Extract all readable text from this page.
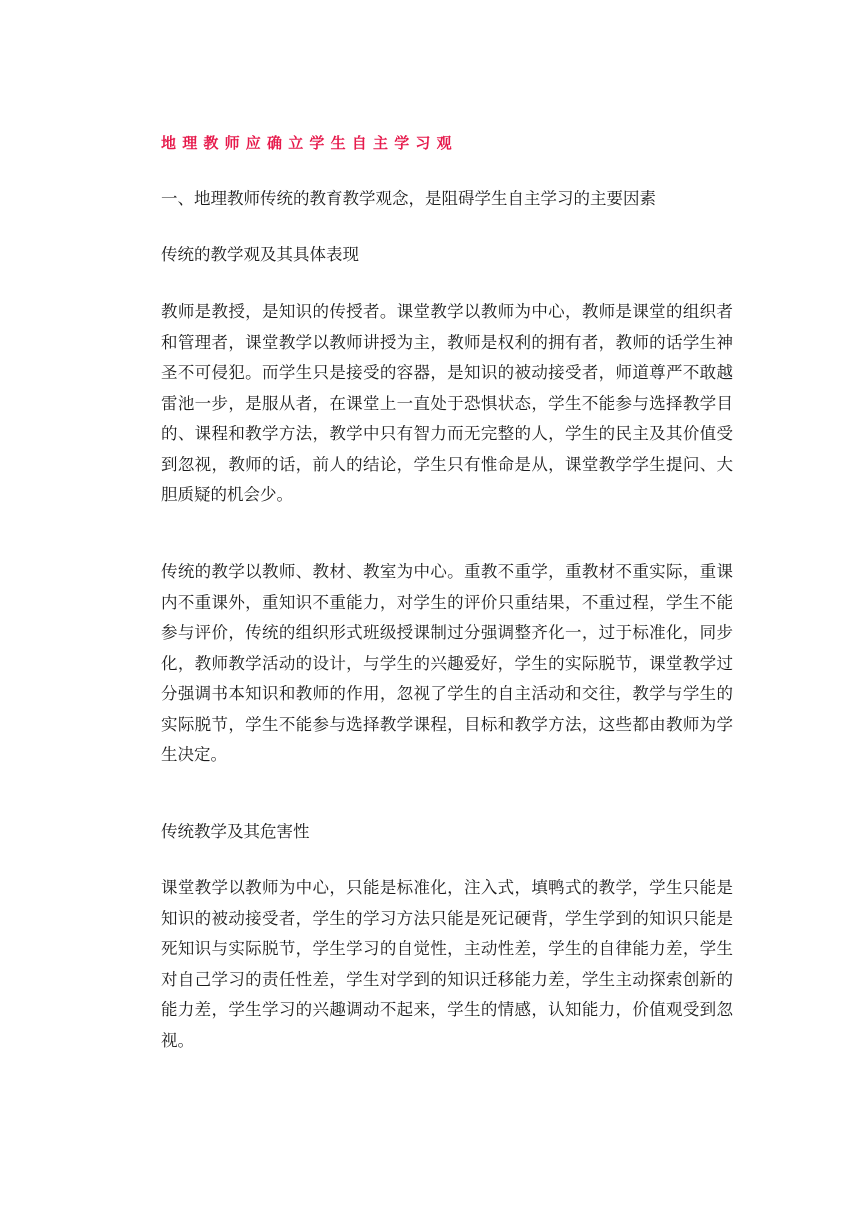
地理教师应确立学生自主学习观

一、地理教师传统的教育教学观念，是阻碍学生自主学习的主要因素

传统的教学观及其具体表现

教师是教授，是知识的传授者。课堂教学以教师为中心，教师是课堂的组织者和管理者，课堂教学以教师讲授为主，教师是权利的拥有者，教师的话学生神圣不可侵犯。而学生只是接受的容器，是知识的被动接受者，师道尊严不敢越雷池一步，是服从者，在课堂上一直处于恐惧状态，学生不能参与选择教学目的、课程和教学方法，教学中只有智力而无完整的人，学生的民主及其价值受到忽视，教师的话，前人的结论，学生只有惟命是从，课堂教学学生提问、大胆质疑的机会少。

传统的教学以教师、教材、教室为中心。重教不重学，重教材不重实际，重课内不重课外，重知识不重能力，对学生的评价只重结果，不重过程，学生不能参与评价，传统的组织形式班级授课制过分强调整齐化一，过于标准化，同步化，教师教学活动的设计，与学生的兴趣爱好，学生的实际脱节，课堂教学过分强调书本知识和教师的作用，忽视了学生的自主活动和交往，教学与学生的实际脱节，学生不能参与选择教学课程，目标和教学方法，这些都由教师为学生决定。

传统教学及其危害性

课堂教学以教师为中心，只能是标准化，注入式，填鸭式的教学，学生只能是知识的被动接受者，学生的学习方法只能是死记硬背，学生学到的知识只能是死知识与实际脱节，学生学习的自觉性，主动性差，学生的自律能力差，学生对自己学习的责任性差，学生对学到的知识迁移能力差，学生主动探索创新的能力差，学生学习的兴趣调动不起来，学生的情感，认知能力，价值观受到忽视。
